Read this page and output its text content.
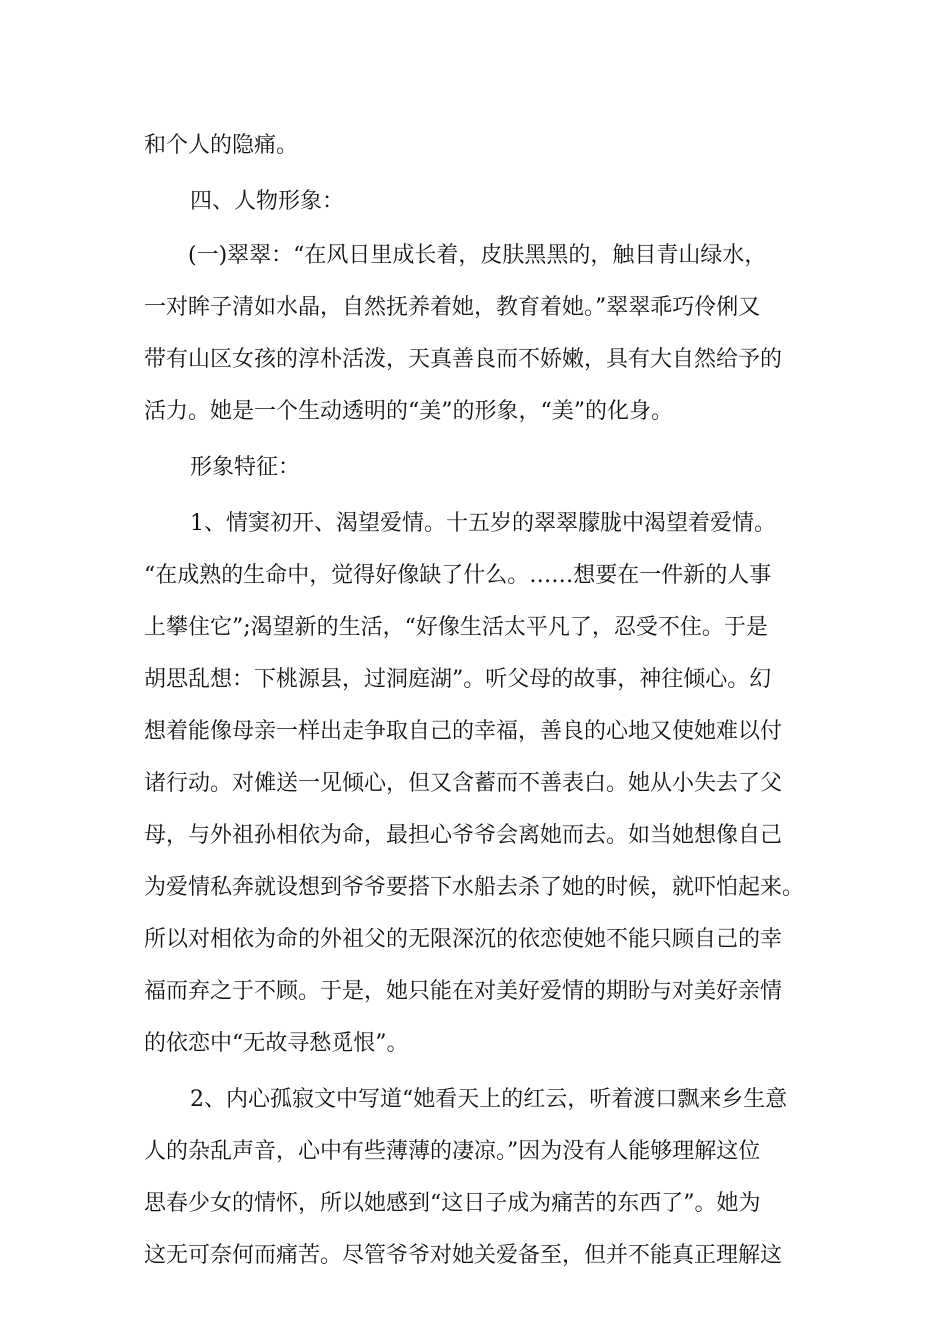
和个人的隐痛。
四、人物形象：
(一)翠翠：“在风日里成长着，皮肤黑黑的，触目青山绿水，
一对眸子清如水晶，自然抚养着她，教育着她。”翠翠乖巧伶俐又
带有山区女孩的淳朴活泼，天真善良而不娇嫩，具有大自然给予的
活力。她是一个生动透明的“美”的形象，“美”的化身。
形象特征：
1、情窦初开、渴望爱情。十五岁的翠翠朦胧中渴望着爱情。
“在成熟的生命中，觉得好像缺了什么。……想要在一件新的人事
上攀住它”;渴望新的生活，“好像生活太平凡了，忍受不住。于是
胡思乱想：下桃源县，过洞庭湖”。听父母的故事，神往倾心。幻
想着能像母亲一样出走争取自己的幸福，善良的心地又使她难以付
诸行动。对傩送一见倾心，但又含蓄而不善表白。她从小失去了父
母，与外祖孙相依为命，最担心爷爷会离她而去。如当她想像自己
为爱情私奔就设想到爷爷要搭下水船去杀了她的时候，就吓怕起来。
所以对相依为命的外祖父的无限深沉的依恋使她不能只顾自己的幸
福而弃之于不顾。于是，她只能在对美好爱情的期盼与对美好亲情
的依恋中“无故寻愁觅恨”。
2、内心孤寂文中写道“她看天上的红云，听着渡口飘来乡生意
人的杂乱声音，心中有些薄薄的凄凉。”因为没有人能够理解这位
思春少女的情怀，所以她感到“这日子成为痛苦的东西了”。她为
这无可奈何而痛苦。尽管爷爷对她关爱备至，但并不能真正理解这
